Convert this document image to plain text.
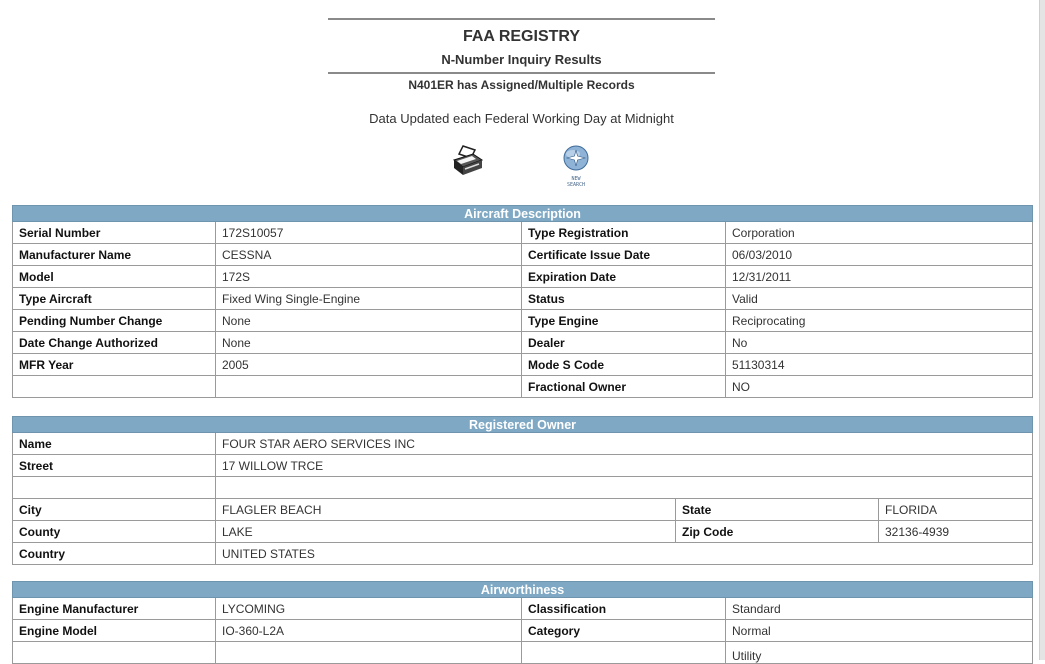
FAA REGISTRY
N-Number Inquiry Results
N401ER has Assigned/Multiple Records
Data Updated each Federal Working Day at Midnight
NEW
SEARCH
Aircraft Description			
Serial Number	172S10057	Type Registration	Corporation
Manufacturer Name	CESSNA	Certificate Issue Date	06/03/2010
Model	172S	Expiration Date	12/31/2011
Type Aircraft	Fixed Wing Single-Engine	Status	Valid
Pending Number Change	None	Type Engine	Reciprocating
Date Change Authorized	None	Dealer	No
MFR Year	2005	Mode S Code	51130314
		Fractional Owner	NO
Registered Owner			
Name	FOUR STAR AERO SERVICES INC		
Street	17 WILLOW TRCE		

City	FLAGLER BEACH	State	FLORIDA
County	LAKE	Zip Code	32136-4939
Country	UNITED STATES		
Airworthiness			
Engine Manufacturer	LYCOMING	Classification	Standard
Engine Model	IO-360-L2A	Category	Normal
			Utility
